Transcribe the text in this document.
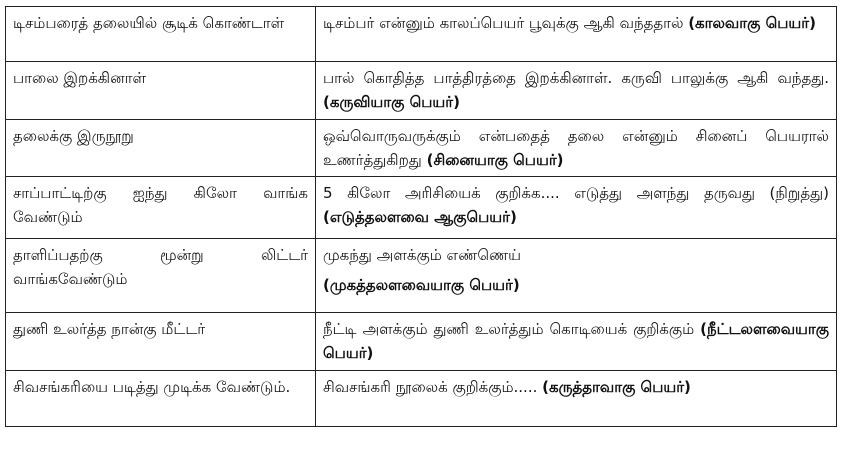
டிசம்பரைத் தலையில் சூடிக் கொண்டாள்	டிசம்பர் என்னும் காலப்பெயர் பூவுக்கு ஆகி வந்ததால் (காலவாகு பெயர்)
பாலை இறக்கினாள்	பால் கொதித்த பாத்திரத்தை இறக்கினாள். கருவி பாலுக்கு ஆகி வந்தது. (கருவியாகு பெயர்)
தலைக்கு இருநூறு	ஒவ்வொருவருக்கும் என்பதைத் தலை என்னும் சினைப் பெயரால் உணர்த்துகிறது (சினையாகு பெயர்)
சாப்பாட்டிற்கு ஐந்து கிலோ வாங்க வேண்டும்	5 கிலோ அரிசியைக் குறிக்க.... எடுத்து அளந்து தருவது (நிறுத்து) (எடுத்தலளவை ஆகுபெயர்)
தாளிப்பதற்கு மூன்று லிட்டர் வாங்கவேண்டும்	முகந்து அளக்கும் எண்ணெய்
(முகத்தலளவையாகு பெயர்)
துணி உலர்த்த நான்கு மீட்டர்	நீட்டி அளக்கும் துணி உலர்த்தும் கொடியைக் குறிக்கும் (நீட்டலளவையாகு பெயர்)
சிவசங்கரியை படித்து முடிக்க வேண்டும்.	சிவசங்கரி நூலைக் குறிக்கும்..... (கருத்தாவாகு பெயர்)
